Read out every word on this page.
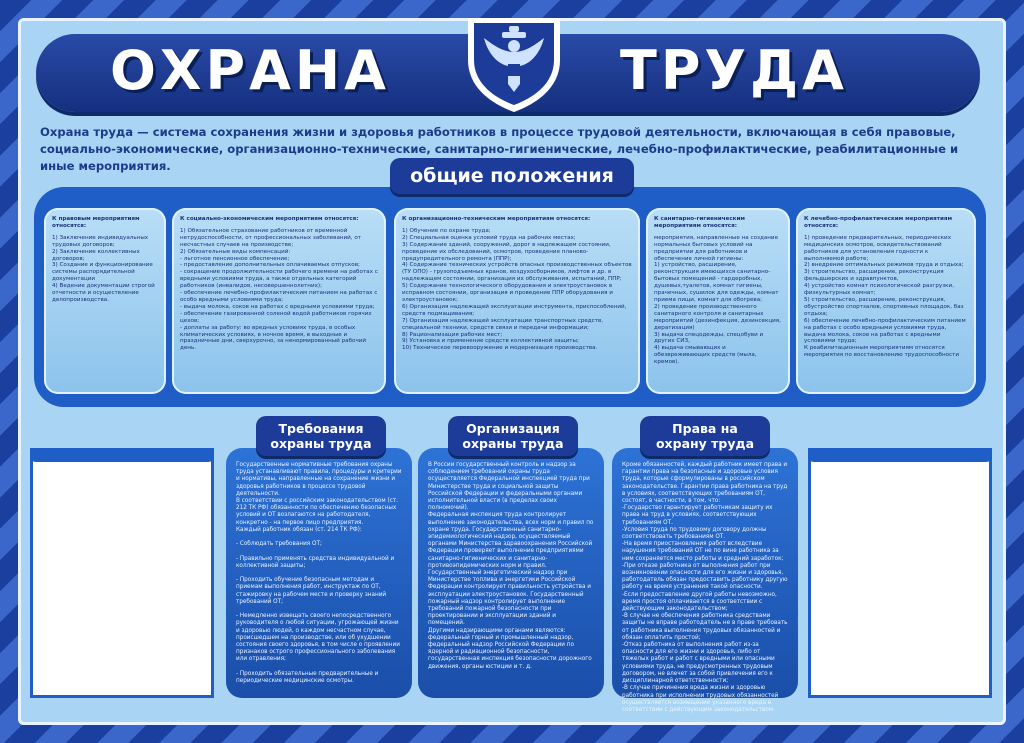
ОХРАНА	ТРУДА
Охрана труда — система сохранения жизни и здоровья работников в процессе трудовой деятельности, включающая в себя правовые, социально-экономические, организационно-технические, санитарно-гигиенические, лечебно-профилактические, реабилитационные и иные мероприятия.	общие положения
К правовым мероприятиям относятся:
1) Заключение индивидуальных трудовых договоров;
2) Заключение коллективных договоров;
3) Создание и функционирование системы распорядительной документации
4) Ведение документации строгой отчетности и осуществление делопроизводства.
К социально-экономическим мероприятиям относятся:
1) Обязательное страхование работников от временной нетрудоспособности, от профессиональных заболеваний, от несчастных случаев на производстве;
2) Обязательные виды компенсаций:
- льготное пенсионное обеспечение;
- предоставление дополнительных оплачиваемых отпусков;
- сокращение продолжительности рабочего времени на работах с вредными условиями труда, а также отдельных категорий работников (инвалидов, несовершеннолетних);
- обеспечение лечебно-профилактическим питанием на работах с особо вредными условиями труда;
- выдача молока, соков на работах с вредными условиями труда;
- обеспечение газированной соленой водой работников горячих цехов;
- доплаты за работу: во вредных условиях труда, в особых климатических условиях, в ночное время, в выходные и праздничные дни, сверхурочно, за ненормированный рабочий день.
К организационно-техническим мероприятиям относятся:
1) Обучение по охране труда;
2) Специальная оценка условий труда на рабочих местах;
3) Содержание зданий, сооружений, дорог в надлежащем состоянии, проведение их обследований, осмотров, проведение планово-предупредительного ремонта (ППР);
4) Содержание технических устройств опасных производственных объектов (ТУ ОПО) - грузоподъемных кранов, воздухосборников, лифтов и др. в надлежащем состоянии, организация их обслуживания, испытаний, ППР;
5) Содержание технологического оборудования и электроустановок в исправном состоянии, организация и проведение ППР оборудования и электроустановок;
6) Организация надлежащей эксплуатации инструмента, приспособлений, средств подмащивания;
7) Организация надлежащей эксплуатации транспортных средств, специальной техники, средств связи и передачи информации;
8) Рационализация рабочих мест;
9) Установка и применение средств коллективной защиты;
10) Техническое перевооружение и модернизация производства.
К санитарно-гигиеническим мероприятиям относятся:
мероприятия, направленные на создание нормальных бытовых условий на предприятии для работников и обеспечение личной гигиены:
1) устройство, расширение, реконструкция имеющихся санитарно-бытовых помещений - гардеробных, душевых,туалетов, комнат гигиены, прачечных, сушилок для одежды, комнат приема пищи, комнат для обогрева;
2) проведение производственного санитарного контроля и санитарных мероприятий (дезинфекция, дезинсекция, дератизация)
3) выдача спецодежды, спецобуви и других СИЗ,
4) выдача смывающих и обезвреживающих средств (мыла, кремов).
К лечебно-профилактическим мероприятиям относятся:
1) проведение предварительных, периодических медицинских осмотров, освидетельствований работников для установления годности к выполняемой работе;
2) внедрение оптимальных режимов труда и отдыха;
3) строительство, расширение, реконструкция фельдшерских и здравпунктов,
4) устройство комнат психологической разгрузки, физкультурных комнат;
5) строительство, расширение, реконструкция, обустройство спортзалов, спортивных площадок, баз отдыха;
6) обеспечение лечебно-профилактическим питанием на работах с особо вредными условиями труда, выдача молока, соков на работах с вредными условиями труда;
К реабилитационным мероприятиям относятся мероприятия по восстановлению трудоспособности
Государственные нормативные требования охраны труда устанавливают правила, процедуры и критерии и нормативы, направленные на сохранение жизни и здоровья работников в процессе трудовой деятельности.
В соответствии с российским законодательством (ст. 212 ТК РФ) обязанности по обеспечению безопасных условий и ОТ возлагаются на работодателя, конкретно - на первое лицо предприятия.
Каждый работник обязан (ст. 214 ТК РФ):

- Соблюдать требования ОТ;

- Правильно применять средства индивидуальной и коллективной защиты;

- Проходить обучение безопасным методам и приемам выполнения работ, инструктаж по ОТ, стажировку на рабочем месте и проверку знаний требований ОТ;

- Немедленно извещать своего непосредственного руководителя о любой ситуации, угрожающей жизни и здоровью людей, о каждом несчастном случае, происшедшем на производстве, или об ухудшении состояния своего здоровья, в том числе о проявлении признаков острого профессионального заболевания или отравления;

- Проходить обязательные предварительные и периодические медицинские осмотры.
В России государственный контроль и надзор за соблюдением требований охраны труда осуществляется Федеральной инспекцией труда при Министерстве труда и социальной защиты Российской Федерации и федеральными органами исполнительной власти (в пределах своих полномочий).
Федеральная инспекция труда контролирует выполнение законодательства, всех норм и правил по охране труда. Государственный санитарно-эпидемиологический надзор, осуществляемый органами Министерства здравоохранения Российской Федерации проверяет выполнение предприятиями санитарно-гигиенических и санитарно-противоэпидемических норм и правил.
Государственный энергетический надзор при Министерстве топлива и энергетики Российской Федерации контролирует правильность устройства и эксплуатации электроустановок. Государственный пожарный надзор контролирует выполнение требований пожарной безопасности при проектировании и эксплуатации зданий и помещений.
Другими надзирающими органами являются: федеральный горный и промышленный надзор, федеральный надзор Российской Федерации по ядерной и радиационной безопасности, государственная инспекция безопасности дорожного движения, органы юстиции и т. д.
Кроме обязанностей, каждый работник имеет права и гарантии права на безопасные и здоровые условия труда, которые сформулированы в российском законодательстве. Гарантии права работника на труд в условиях, соответствующих требованиям ОТ, состоят, в частности, в том, что:
-Государство гарантирует работникам защиту их права на труд в условиях, соответствующих требованиям ОТ.
-Условия труда по трудовому договору должны соответствовать требованиям ОТ.
-На время приостановления работ вследствие нарушения требований ОТ не по вине работника за ним сохраняется место работы и средний заработок;
-При отказе работника от выполнения работ при возникновении опасности для его жизни и здоровья, работодатель обязан предоставить работнику другую работу на время устранения такой опасности.
-Если предоставление другой работы невозможно, время простоя оплачивается в соответствии с действующим законодательством;
-В случае не обеспечения работника средствами защиты не вправе работодатель не в праве требовать от работника выполнения трудовых обязанностей и обязан оплатить простой;
-Отказ работника от выполнения работ из-за опасности для его жизни и здоровья, либо от тяжелых работ и работ с вредными или опасными условиями труда, не предусмотренных трудовым договором, не влечет за собой привлечения его к дисциплинарной ответственности;
-В случае причинения вреда жизни и здоровью работника при исполнении трудовых обязанностей осуществляется возмещение указанного вреда в соответствии с действующим законодательством.
Требования
охраны труда
Организация
охраны труда
Права на
охрану труда
